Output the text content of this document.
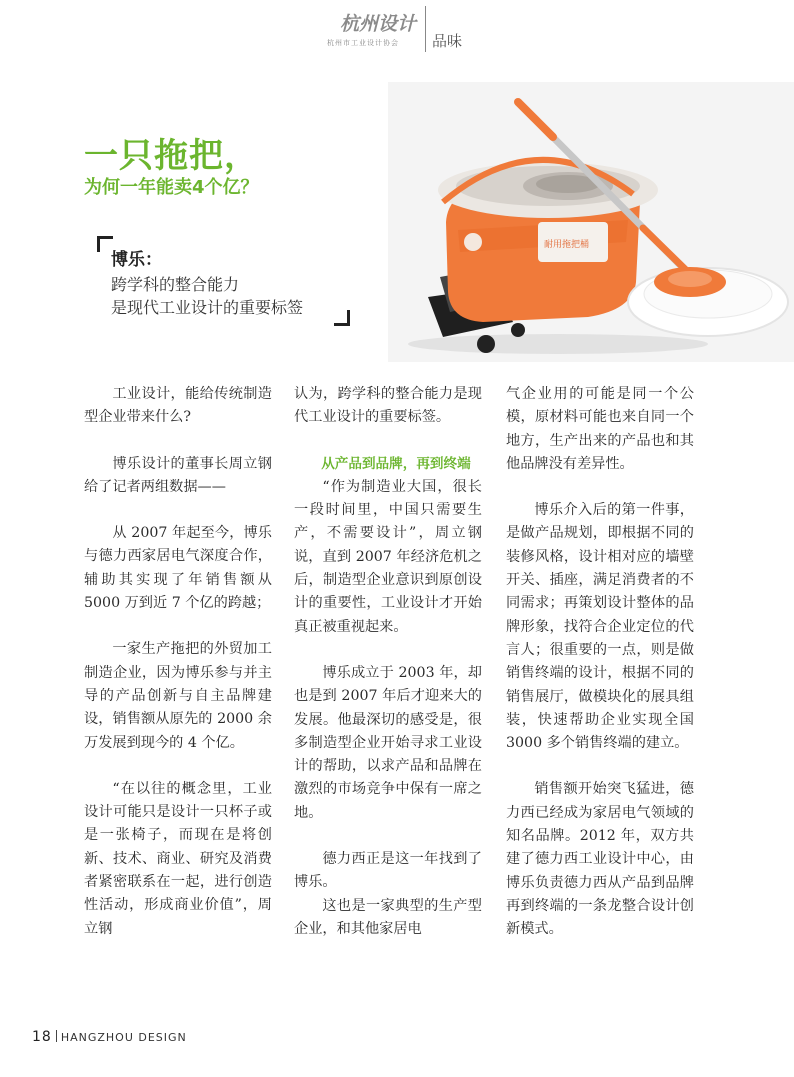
杭州设计
杭州市工业设计协会 品味
一只拖把，
为何一年能卖4个亿？
博乐：
跨学科的整合能力
是现代工业设计的重要标签
耐用拖把桶

工业设计，能给传统制造型企业带来什么?

博乐设计的董事长周立钢给了记者两组数据——

从 2007 年起至今，博乐与德力西家居电气深度合作，辅助其实现了年销售额从 5000 万到近 7 个亿的跨越；

一家生产拖把的外贸加工制造企业，因为博乐参与并主导的产品创新与自主品牌建设，销售额从原先的 2000 余万发展到现今的 4 个亿。

“在以往的概念里，工业设计可能只是设计一只杯子或是一张椅子，而现在是将创新、技术、商业、研究及消费者紧密联系在一起，进行创造性活动，形成商业价值”，周立钢

认为，跨学科的整合能力是现代工业设计的重要标签。

从产品到品牌，再到终端

“作为制造业大国，很长一段时间里，中国只需要生产，不需要设计”，周立钢说，直到 2007 年经济危机之后，制造型企业意识到原创设计的重要性，工业设计才开始真正被重视起来。

博乐成立于 2003 年，却也是到 2007 年后才迎来大的发展。他最深切的感受是，很多制造型企业开始寻求工业设计的帮助，以求产品和品牌在激烈的市场竞争中保有一席之地。

德力西正是这一年找到了博乐。

这也是一家典型的生产型企业，和其他家居电

气企业用的可能是同一个公模，原材料可能也来自同一个地方，生产出来的产品也和其他品牌没有差异性。

博乐介入后的第一件事，是做产品规划，即根据不同的装修风格，设计相对应的墙壁开关、插座，满足消费者的不同需求；再策划设计整体的品牌形象，找符合企业定位的代言人；很重要的一点，则是做销售终端的设计，根据不同的销售展厅，做模块化的展具组装，快速帮助企业实现全国 3000 多个销售终端的建立。

销售额开始突飞猛进，德力西已经成为家居电气领域的知名品牌。2012 年，双方共建了德力西工业设计中心，由博乐负责德力西从产品到品牌再到终端的一条龙整合设计创新模式。

18 HANGZHOU DESIGN
